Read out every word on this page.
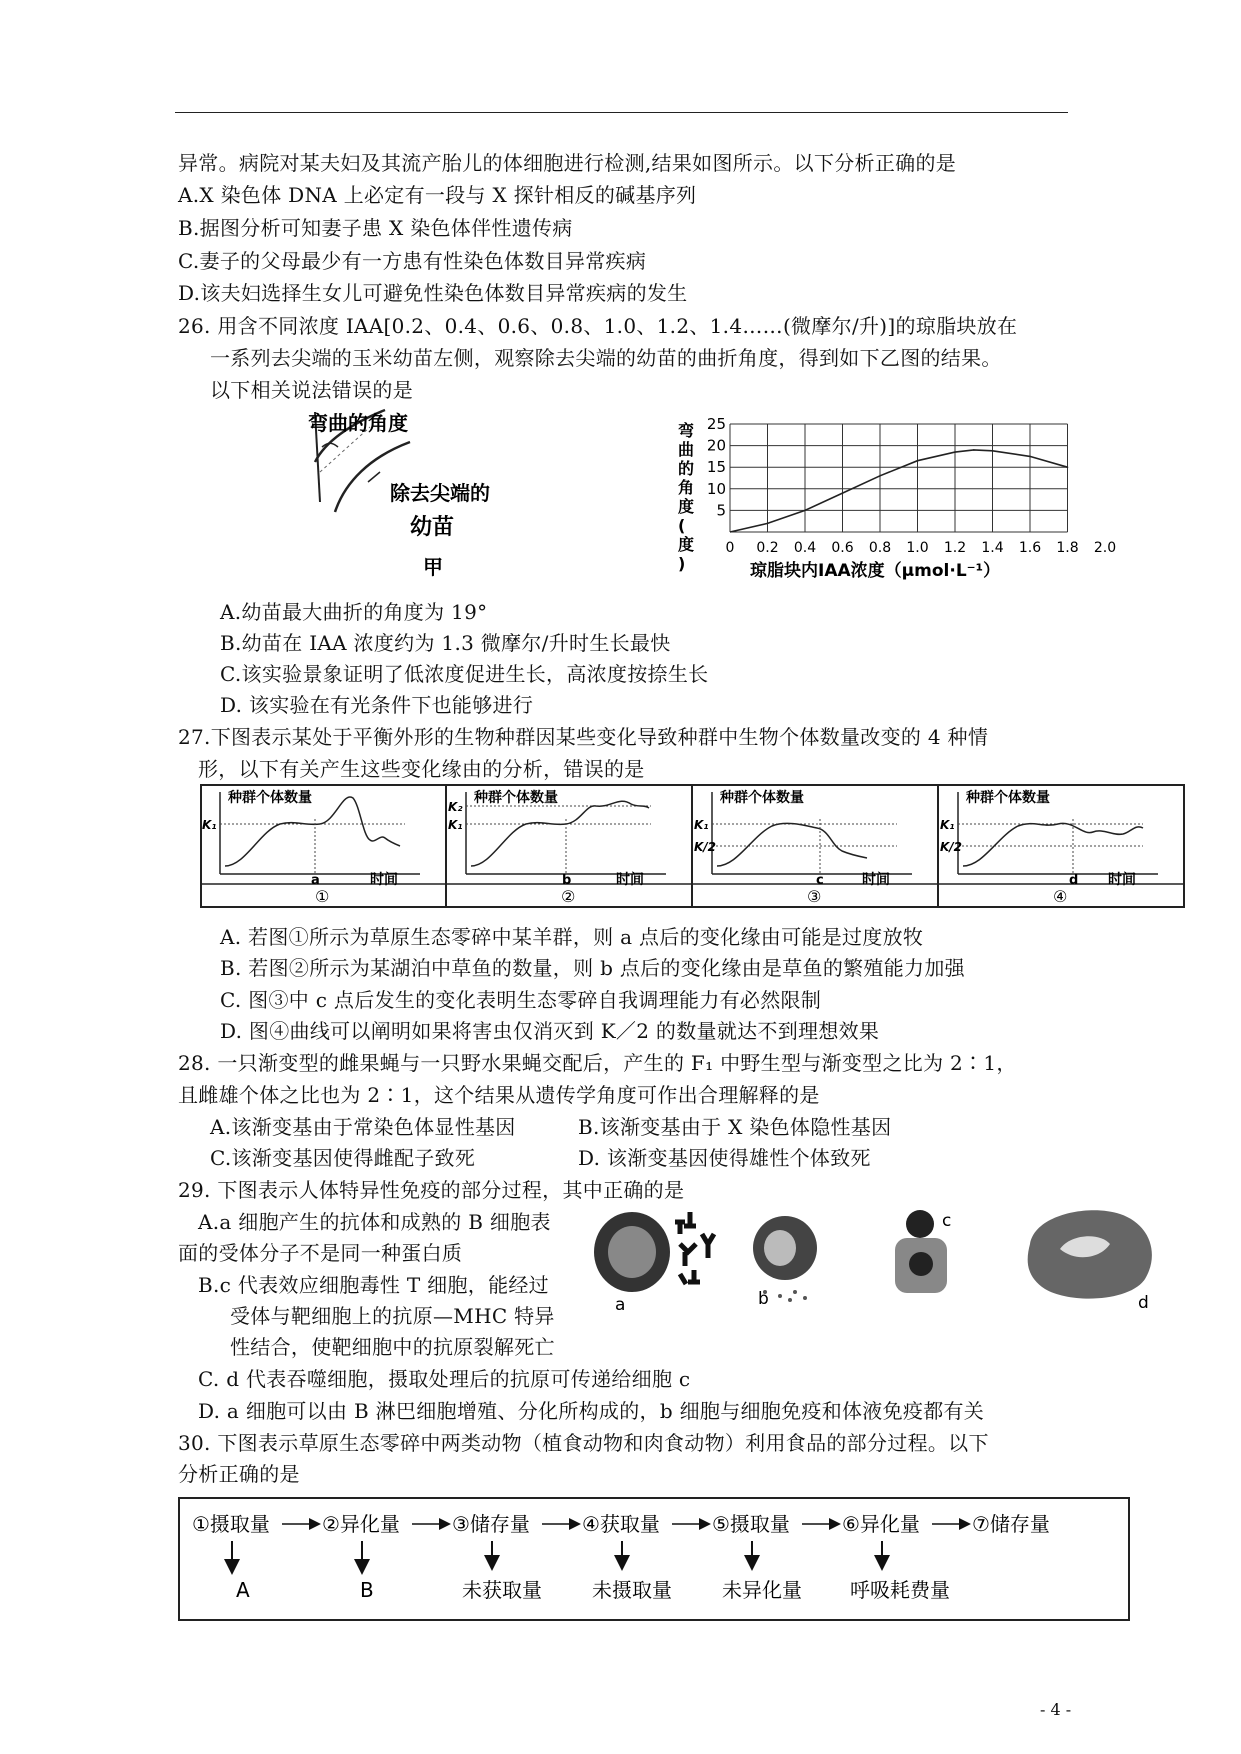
异常。病院对某夫妇及其流产胎儿的体细胞进行检测,结果如图所示。以下分析正确的是
A.X 染色体 DNA 上必定有一段与 X 探针相反的碱基序列
B.据图分析可知妻子患 X 染色体伴性遗传病
C.妻子的父母最少有一方患有性染色体数目异常疾病
D.该夫妇选择生女儿可避免性染色体数目异常疾病的发生
26. 用含不同浓度 IAA[0.2、0.4、0.6、0.8、1.0、1.2、1.4……(微摩尔/升)]的琼脂块放在
一系列去尖端的玉米幼苗左侧，观察除去尖端的幼苗的曲折角度，得到如下乙图的结果。
以下相关说法错误的是
弯曲的角度
除去尖端的
幼苗
甲
弯
曲
的
角
度
(
度
)
5
10
15
20
25
0 0.2 0.4 0.6 0.8 1.0 1.2 1.4 1.6 1.8 2.0
琼脂块内IAA浓度（μmol·L⁻¹）
A.幼苗最大曲折的角度为 19°
B.幼苗在 IAA 浓度约为 1.3 微摩尔/升时生长最快
C.该实验景象证明了低浓度促进生长，高浓度按捺生长
D. 该实验在有光条件下也能够进行
27.下图表示某处于平衡外形的生物种群因某些变化导致种群中生物个体数量改变的 4 种情
形，以下有关产生这些变化缘由的分析，错误的是
种群个体数量
K₁
a	时间
①
种群个体数量
K₂
K₁
b	时间
②
种群个体数量
K₁
K/2
c	时间
③
种群个体数量
K₁
K/2
d 时间
④
A. 若图①所示为草原生态零碎中某羊群，则 a 点后的变化缘由可能是过度放牧
B. 若图②所示为某湖泊中草鱼的数量，则 b 点后的变化缘由是草鱼的繁殖能力加强
C. 图③中 c 点后发生的变化表明生态零碎自我调理能力有必然限制
D. 图④曲线可以阐明如果将害虫仅消灭到 K／2 的数量就达不到理想效果
28. 一只渐变型的雌果蝇与一只野水果蝇交配后，产生的 F₁ 中野生型与渐变型之比为 2∶1，
且雌雄个体之比也为 2∶1，这个结果从遗传学角度可作出合理解释的是
A.该渐变基由于常染色体显性基因	B.该渐变基由于 X 染色体隐性基因
C.该渐变基因使得雌配子致死	D. 该渐变基因使得雄性个体致死
29. 下图表示人体特异性免疫的部分过程，其中正确的是
A.a 细胞产生的抗体和成熟的 B 细胞表
面的受体分子不是同一种蛋白质
B.c 代表效应细胞毒性 T 细胞，能经过
受体与靶细胞上的抗原—MHC 特异
性结合，使靶细胞中的抗原裂解死亡
a	b
c
d
C. d 代表吞噬细胞，摄取处理后的抗原可传递给细胞 c
D. a 细胞可以由 B 淋巴细胞增殖、分化所构成的，b 细胞与细胞免疫和体液免疫都有关
30. 下图表示草原生态零碎中两类动物（植食动物和肉食动物）利用食品的部分过程。以下
分析正确的是
①摄取量	②异化量	③储存量	④获取量	⑤摄取量	⑥异化量	⑦储存量
A	B	未获取量	未摄取量	未异化量 呼吸耗费量
- 4 -
